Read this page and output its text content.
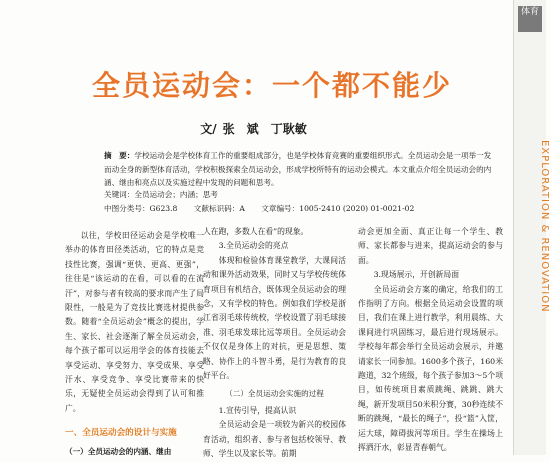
体育
EXPLORATION & RENOVATION
全员运动会：一个都不能少
文/ 张　斌 丁耿敏
摘　要：学校运动会是学校体育工作的重要组成部分，也是学校体育竞赛的重要组织形式。全员运动会是一项举一发而动全身的新型体育活动，学校积极探索全员运动会，形成学校所特有的运动会模式。本文重点介绍全员运动会的内涵、继由和亮点以及实施过程中发现的问题和思考。
关键词：全员运动会；内涵；思考
中图分类号：G623.8 文献标识码：A 文章编号：1005-2410 (2020) 01-0021-02

以往，学校田径运动会是学校唯一举办的体育田径类活动，它的特点是竞技性比赛，强调“更快、更高、更强”，往往是“该运动的在看，可以看的在流汗”，对参与者有较高的要求而产生了局限性，一般是为了竞技比赛选材提供参数。随着“全员运动会”概念的提出，学生、家长、社会逐渐了解全员运动会，每个孩子都可以运用学会的体育技能去享受运动、享受努力、享受成果、享受汗水、享受竞争、享受比赛带来的快乐，无疑使全员运动会得到了认可和推广。

一、全员运动会的设计与实施
（一）全员运动会的内涵、继由

人在跑，多数人在看”的现象。

3.全员运动会的亮点

体现和检验体育课堂教学，大课间活动和课外活动效果，同时又与学校传统体育项目有机结合，既体现全员运动会的理念，又有学校的特色。例如我们学校是浙江省羽毛球传统校，学校设置了羽毛球接准、羽毛球发球比远等项目。全员运动会不仅仅是身体上的对抗，更是思想、策略、协作上的斗智斗勇，是行为教育的良好平台。

（二）全员运动会实施的过程

1.宣传引导，提高认识

全员运动会是一项较为新兴的校园体育活动，组织者、参与者包括校领导、教师、学生以及家长等。前期

动会更加全面、真正让每一个学生、教师、家长都参与进来，提高运动会的参与面。

3.现场展示，开创新局面

全员运动会方案的确定，给我们的工作指明了方向。根据全员运动会设置的项目，我们在课上进行教学，利用晨练、大课间进行巩固练习，最后进行现场展示。学校每年都会举行全员运动会展示，并邀请家长一同参加。1600多个孩子，160米跑道，32个班级，每个孩子参加3～5个项目，如传统项目素质跳绳、跳跳、跳大绳，新开发项目50米积分赛，30秒连续不断的跳绳，“最长的绳子”，投“篮”入筐，运大球，障碍拔河等项目。学生在操场上挥洒汗水，彰显青春朝气。
